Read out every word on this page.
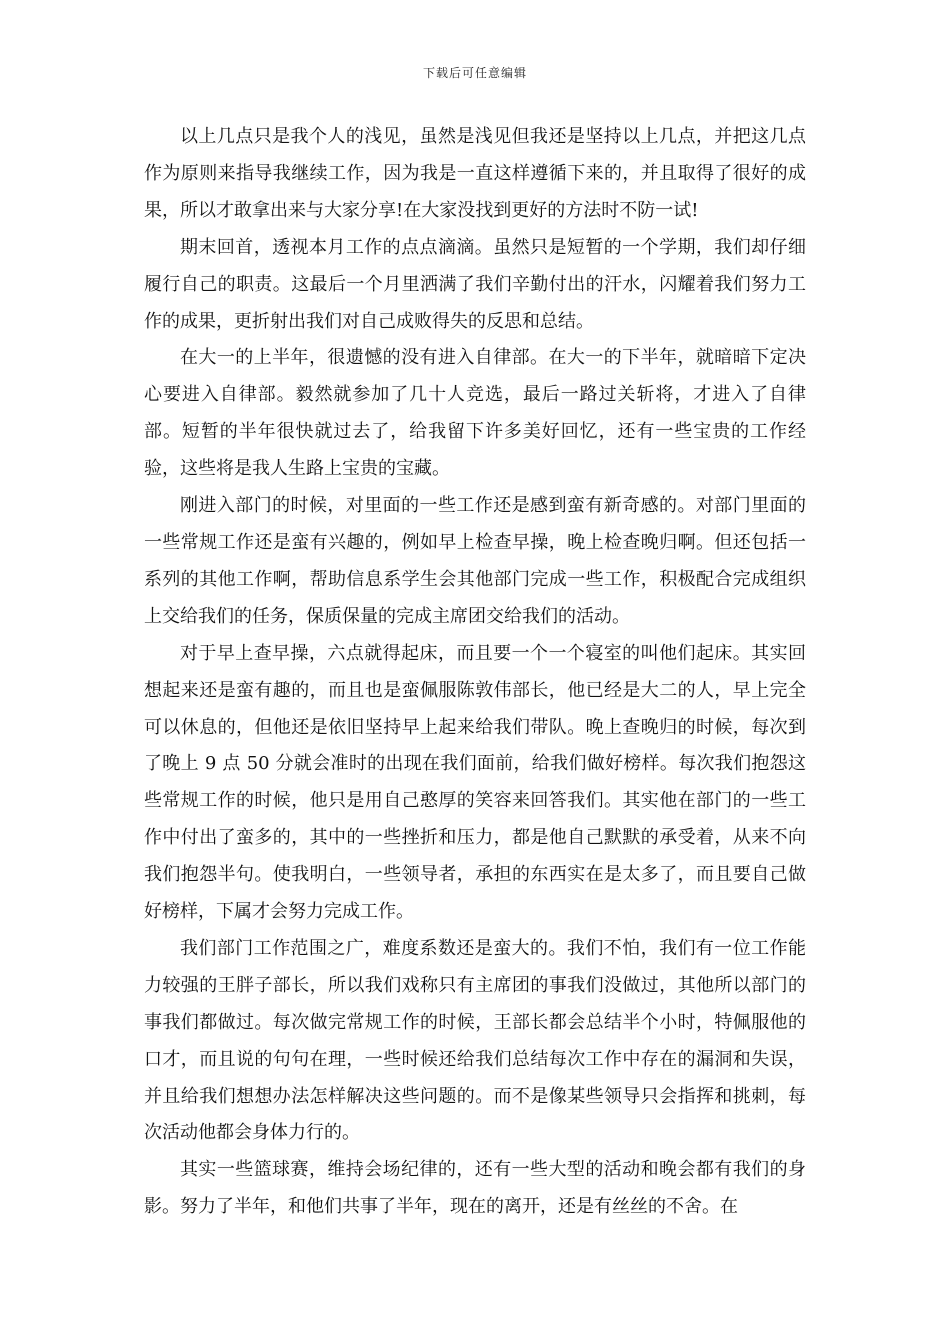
下载后可任意编辑

以上几点只是我个人的浅见，虽然是浅见但我还是坚持以上几点，并把这几点作为原则来指导我继续工作，因为我是一直这样遵循下来的，并且取得了很好的成果，所以才敢拿出来与大家分享!在大家没找到更好的方法时不防一试!

期末回首，透视本月工作的点点滴滴。虽然只是短暂的一个学期，我们却仔细履行自己的职责。这最后一个月里洒满了我们辛勤付出的汗水，闪耀着我们努力工作的成果，更折射出我们对自己成败得失的反思和总结。

在大一的上半年，很遗憾的没有进入自律部。在大一的下半年，就暗暗下定决心要进入自律部。毅然就参加了几十人竞选，最后一路过关斩将，才进入了自律部。短暂的半年很快就过去了，给我留下许多美好回忆，还有一些宝贵的工作经验，这些将是我人生路上宝贵的宝藏。

刚进入部门的时候，对里面的一些工作还是感到蛮有新奇感的。对部门里面的一些常规工作还是蛮有兴趣的，例如早上检查早操，晚上检查晚归啊。但还包括一系列的其他工作啊，帮助信息系学生会其他部门完成一些工作，积极配合完成组织上交给我们的任务，保质保量的完成主席团交给我们的活动。

对于早上查早操，六点就得起床，而且要一个一个寝室的叫他们起床。其实回想起来还是蛮有趣的，而且也是蛮佩服陈敦伟部长，他已经是大二的人，早上完全可以休息的，但他还是依旧坚持早上起来给我们带队。晚上查晚归的时候，每次到了晚上 9 点 50 分就会准时的出现在我们面前，给我们做好榜样。每次我们抱怨这些常规工作的时候，他只是用自己憨厚的笑容来回答我们。其实他在部门的一些工作中付出了蛮多的，其中的一些挫折和压力，都是他自己默默的承受着，从来不向我们抱怨半句。使我明白，一些领导者，承担的东西实在是太多了，而且要自己做好榜样，下属才会努力完成工作。

我们部门工作范围之广，难度系数还是蛮大的。我们不怕，我们有一位工作能力较强的王胖子部长，所以我们戏称只有主席团的事我们没做过，其他所以部门的事我们都做过。每次做完常规工作的时候，王部长都会总结半个小时，特佩服他的口才，而且说的句句在理，一些时候还给我们总结每次工作中存在的漏洞和失误，并且给我们想想办法怎样解决这些问题的。而不是像某些领导只会指挥和挑刺，每次活动他都会身体力行的。

其实一些篮球赛，维持会场纪律的，还有一些大型的活动和晚会都有我们的身影。努力了半年，和他们共事了半年，现在的离开，还是有丝丝的不舍。在
